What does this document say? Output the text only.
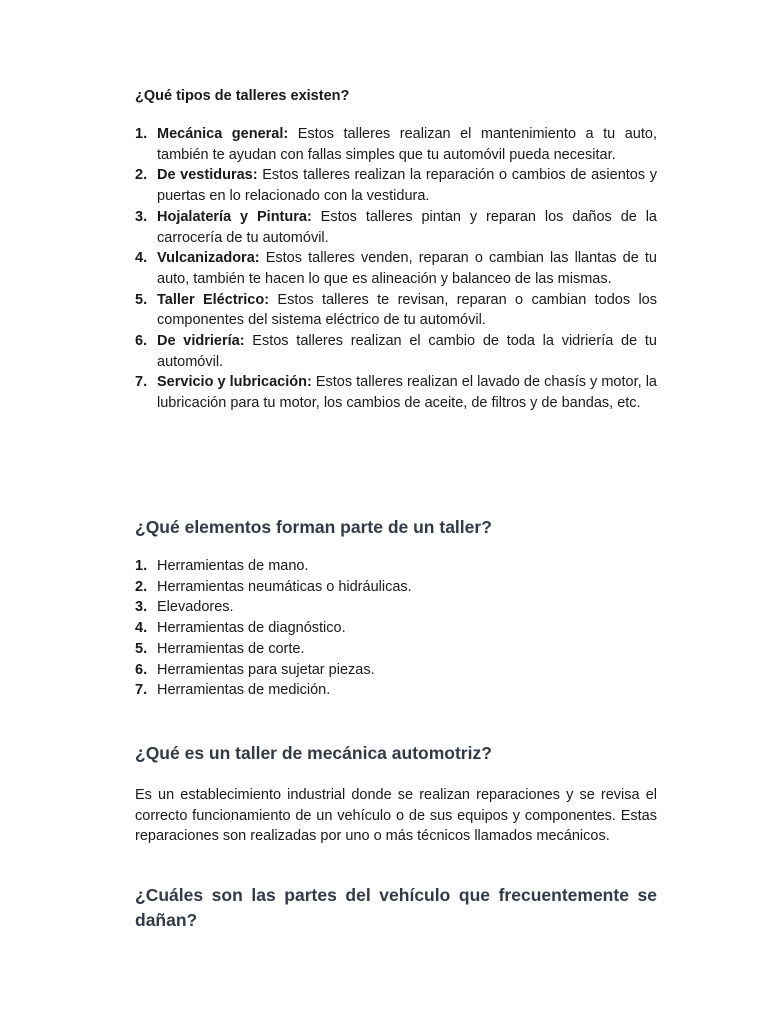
¿Qué tipos de talleres existen?
1. Mecánica general: Estos talleres realizan el mantenimiento a tu auto, también te ayudan con fallas simples que tu automóvil pueda necesitar.
2. De vestiduras: Estos talleres realizan la reparación o cambios de asientos y puertas en lo relacionado con la vestidura.
3. Hojalatería y Pintura: Estos talleres pintan y reparan los daños de la carrocería de tu automóvil.
4. Vulcanizadora: Estos talleres venden, reparan o cambian las llantas de tu auto, también te hacen lo que es alineación y balanceo de las mismas.
5. Taller Eléctrico: Estos talleres te revisan, reparan o cambian todos los componentes del sistema eléctrico de tu automóvil.
6. De vidriería: Estos talleres realizan el cambio de toda la vidriería de tu automóvil.
7. Servicio y lubricación: Estos talleres realizan el lavado de chasís y motor, la lubricación para tu motor, los cambios de aceite, de filtros y de bandas, etc.
¿Qué elementos forman parte de un taller?
1. Herramientas de mano.
2. Herramientas neumáticas o hidráulicas.
3. Elevadores.
4. Herramientas de diagnóstico.
5. Herramientas de corte.
6. Herramientas para sujetar piezas.
7. Herramientas de medición.
¿Qué es un taller de mecánica automotriz?

Es un establecimiento industrial donde se realizan reparaciones y se revisa el correcto funcionamiento de un vehículo o de sus equipos y componentes. Estas reparaciones son realizadas por uno o más técnicos llamados mecánicos.

¿Cuáles son las partes del vehículo que frecuentemente se dañan?
